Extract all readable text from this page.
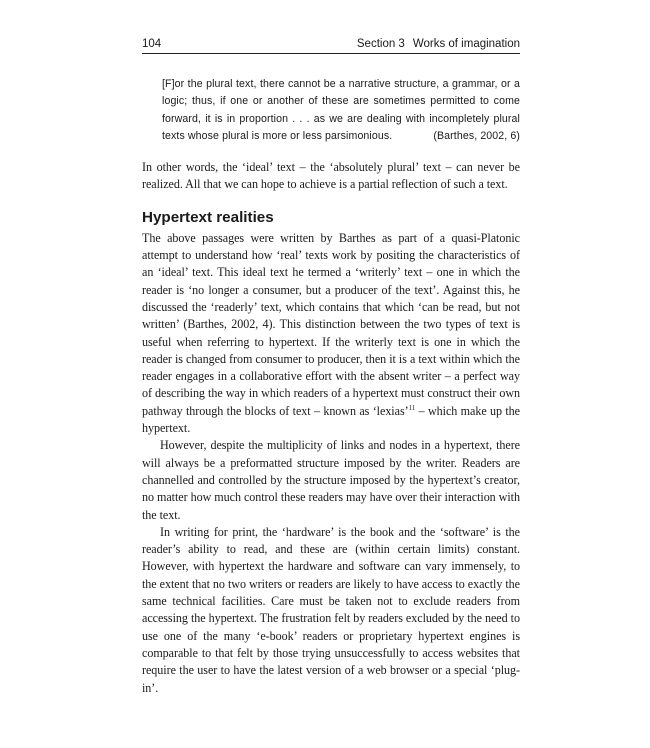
104	Section 3 Works of imagination
[F]or the plural text, there cannot be a narrative structure, a grammar, or a logic; thus, if one or another of these are sometimes permitted to come forward, it is in proportion . . . as we are dealing with incompletely plural texts whose plural is more or less parsimonious.	(Barthes, 2002, 6)

In other words, the ‘ideal’ text – the ‘absolutely plural’ text – can never be realized. All that we can hope to achieve is a partial reflection of such a text.

Hypertext realities

The above passages were written by Barthes as part of a quasi-Platonic attempt to understand how ‘real’ texts work by positing the characteristics of an ‘ideal’ text. This ideal text he termed a ‘writerly’ text – one in which the reader is ‘no longer a consumer, but a producer of the text’. Against this, he discussed the ‘readerly’ text, which contains that which ‘can be read, but not written’ (Barthes, 2002, 4). This distinction between the two types of text is useful when referring to hypertext. If the writerly text is one in which the reader is changed from consumer to producer, then it is a text within which the reader engages in a collaborative effort with the absent writer – a perfect way of describing the way in which readers of a hypertext must construct their own pathway through the blocks of text – known as ‘lexias’$^{11}$ – which make up the hypertext.

However, despite the multiplicity of links and nodes in a hypertext, there will always be a preformatted structure imposed by the writer. Readers are channelled and controlled by the structure imposed by the hypertext’s creator, no matter how much control these readers may have over their interaction with the text.

In writing for print, the ‘hardware’ is the book and the ‘software’ is the reader’s ability to read, and these are (within certain limits) constant. However, with hypertext the hardware and software can vary immensely, to the extent that no two writers or readers are likely to have access to exactly the same technical facilities. Care must be taken not to exclude readers from accessing the hypertext. The frustration felt by readers excluded by the need to use one of the many ‘e-book’ readers or proprietary hypertext engines is comparable to that felt by those trying unsuccessfully to access websites that require the user to have the latest version of a web browser or a special ‘plug-in’.
